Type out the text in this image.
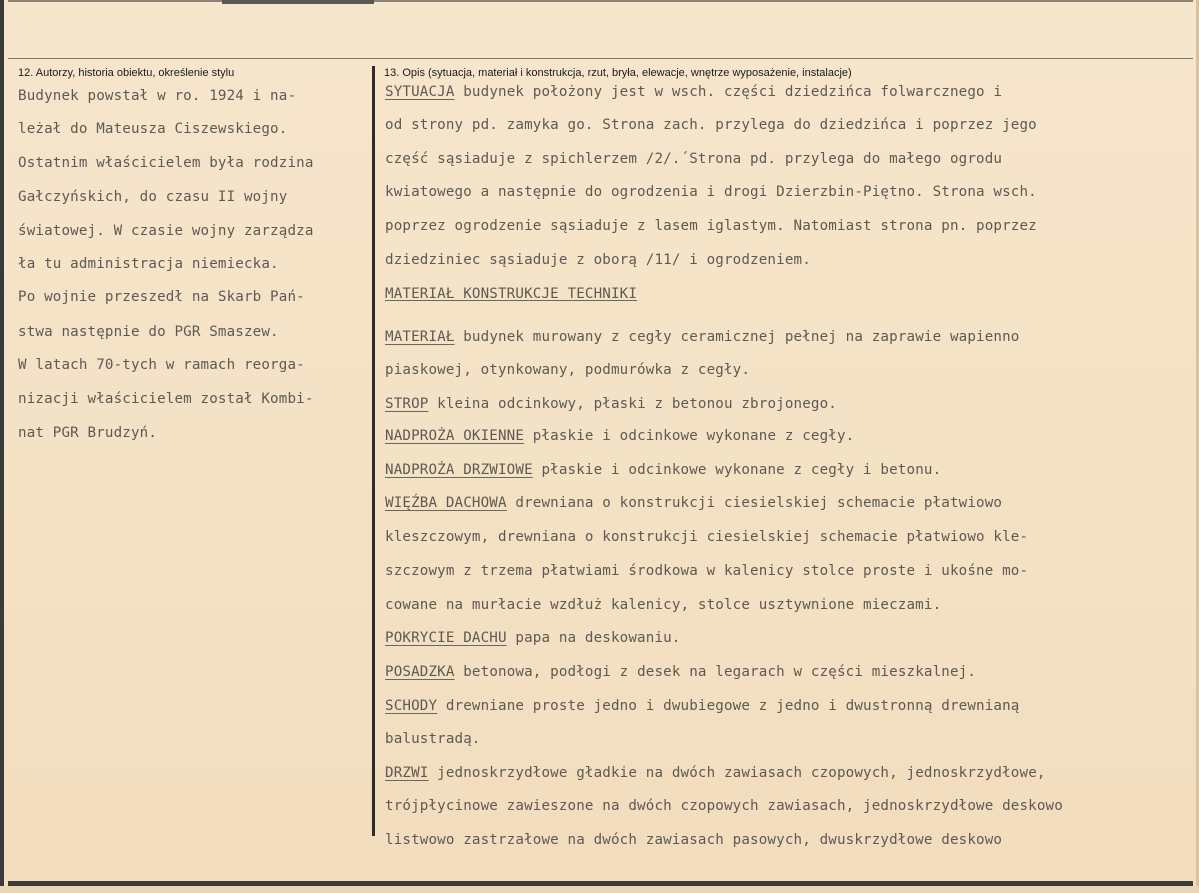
12. Autorzy, historia obiektu, określenie stylu	13. Opis (sytuacja, materiał i konstrukcja, rzut, bryła, elewacje, wnętrze wyposażenie, instalacje)
Budynek powstał w ro. 1924 i na-
leżał do Mateusza Ciszewskiego.
Ostatnim właścicielem była rodzina
Gałczyńskich, do czasu II wojny
światowej. W czasie wojny zarządza
ła tu administracja niemiecka.
Po wojnie przeszedł na Skarb Pań-
stwa następnie do PGR Smaszew.
W latach 70-tych w ramach reorga-
nizacji właścicielem został Kombi-
nat PGR Brudzyń.
SYTUACJA budynek położony jest w wsch. części dziedzińca folwarcznego i
od strony pd. zamyka go. Strona zach. przylega do dziedzińca i poprzez jego
część sąsiaduje z spichlerzem /2/.´Strona pd. przylega do małego ogrodu
kwiatowego a następnie do ogrodzenia i drogi Dzierzbin-Piętno. Strona wsch.
poprzez ogrodzenie sąsiaduje z lasem iglastym. Natomiast strona pn. poprzez
dziedziniec sąsiaduje z oborą /11/ i ogrodzeniem.
MATERIAŁ KONSTRUKCJE TECHNIKI
MATERIAŁ budynek murowany z cegły ceramicznej pełnej na zaprawie wapienno
piaskowej, otynkowany, podmurówka z cegły.
STROP kleina odcinkowy, płaski z betonou zbrojonego.
NADPROŻA OKIENNE płaskie i odcinkowe wykonane z cegły.
NADPROŻA DRZWIOWE płaskie i odcinkowe wykonane z cegły i betonu.
WIĘŹBA DACHOWA drewniana o konstrukcji ciesielskiej schemacie płatwiowo
kleszczowym, drewniana o konstrukcji ciesielskiej schemacie płatwiowo kle-
szczowym z trzema płatwiami środkowa w kalenicy stolce proste i ukośne mo-
cowane na murłacie wzdłuż kalenicy, stolce usztywnione mieczami.
POKRYCIE DACHU papa na deskowaniu.
POSADZKA betonowa, podłogi z desek na legarach w części mieszkalnej.
SCHODY drewniane proste jedno i dwubiegowe z jedno i dwustronną drewnianą
balustradą.
DRZWI jednoskrzydłowe gładkie na dwóch zawiasach czopowych, jednoskrzydłowe,
trójpłycinowe zawieszone na dwóch czopowych zawiasach, jednoskrzydłowe deskowo
listwowo zastrzałowe na dwóch zawiasach pasowych, dwuskrzydłowe deskowo
